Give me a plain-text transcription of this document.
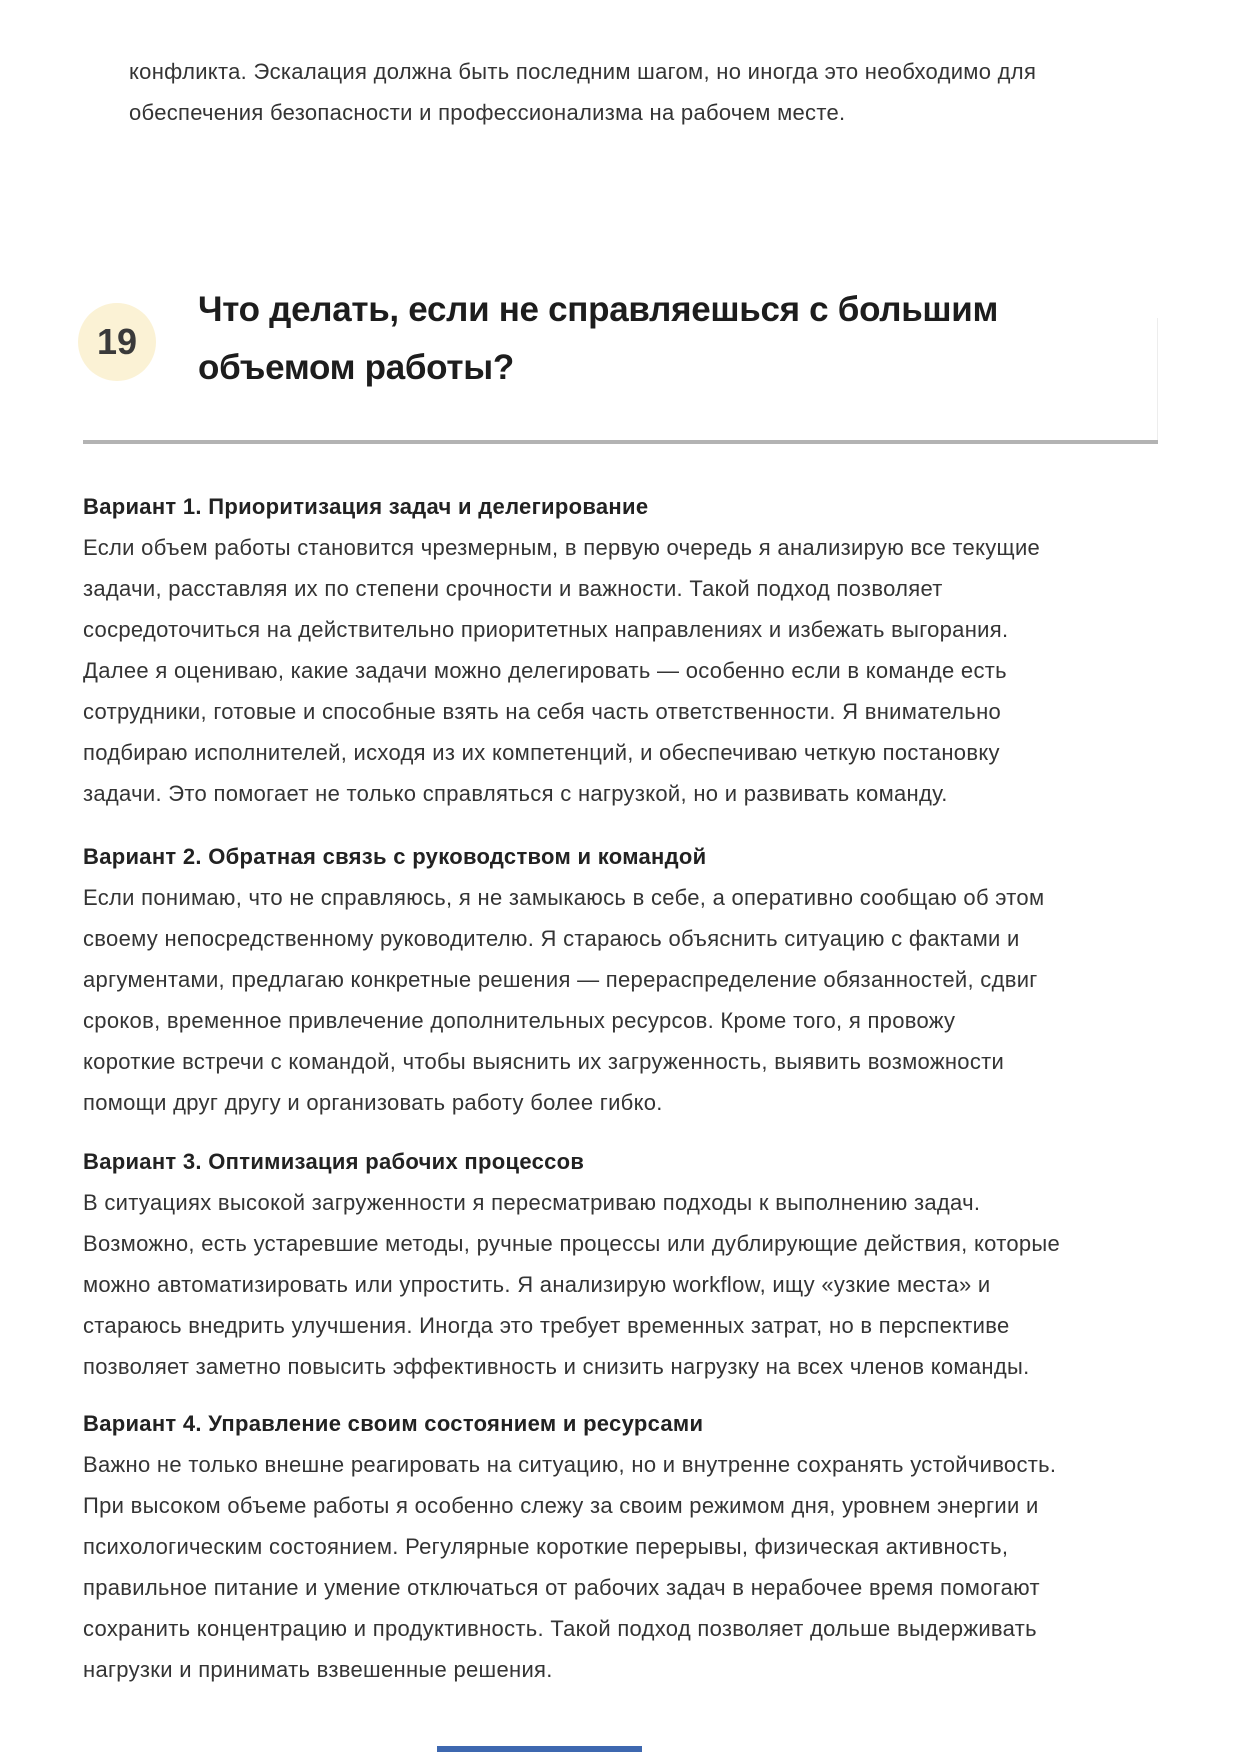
конфликта. Эскалация должна быть последним шагом, но иногда это необходимо для
обеспечения безопасности и профессионализма на рабочем месте.
19
Что делать, если не справляешься с большим
объемом работы?
Вариант 1. Приоритизация задач и делегирование
Если объем работы становится чрезмерным, в первую очередь я анализирую все текущие
задачи, расставляя их по степени срочности и важности. Такой подход позволяет
сосредоточиться на действительно приоритетных направлениях и избежать выгорания.
Далее я оцениваю, какие задачи можно делегировать — особенно если в команде есть
сотрудники, готовые и способные взять на себя часть ответственности. Я внимательно
подбираю исполнителей, исходя из их компетенций, и обеспечиваю четкую постановку
задачи. Это помогает не только справляться с нагрузкой, но и развивать команду.
Вариант 2. Обратная связь с руководством и командой
Если понимаю, что не справляюсь, я не замыкаюсь в себе, а оперативно сообщаю об этом
своему непосредственному руководителю. Я стараюсь объяснить ситуацию с фактами и
аргументами, предлагаю конкретные решения — перераспределение обязанностей, сдвиг
сроков, временное привлечение дополнительных ресурсов. Кроме того, я провожу
короткие встречи с командой, чтобы выяснить их загруженность, выявить возможности
помощи друг другу и организовать работу более гибко.
Вариант 3. Оптимизация рабочих процессов
В ситуациях высокой загруженности я пересматриваю подходы к выполнению задач.
Возможно, есть устаревшие методы, ручные процессы или дублирующие действия, которые
можно автоматизировать или упростить. Я анализирую workflow, ищу «узкие места» и
стараюсь внедрить улучшения. Иногда это требует временных затрат, но в перспективе
позволяет заметно повысить эффективность и снизить нагрузку на всех членов команды.
Вариант 4. Управление своим состоянием и ресурсами
Важно не только внешне реагировать на ситуацию, но и внутренне сохранять устойчивость.
При высоком объеме работы я особенно слежу за своим режимом дня, уровнем энергии и
психологическим состоянием. Регулярные короткие перерывы, физическая активность,
правильное питание и умение отключаться от рабочих задач в нерабочее время помогают
сохранить концентрацию и продуктивность. Такой подход позволяет дольше выдерживать
нагрузки и принимать взвешенные решения.
